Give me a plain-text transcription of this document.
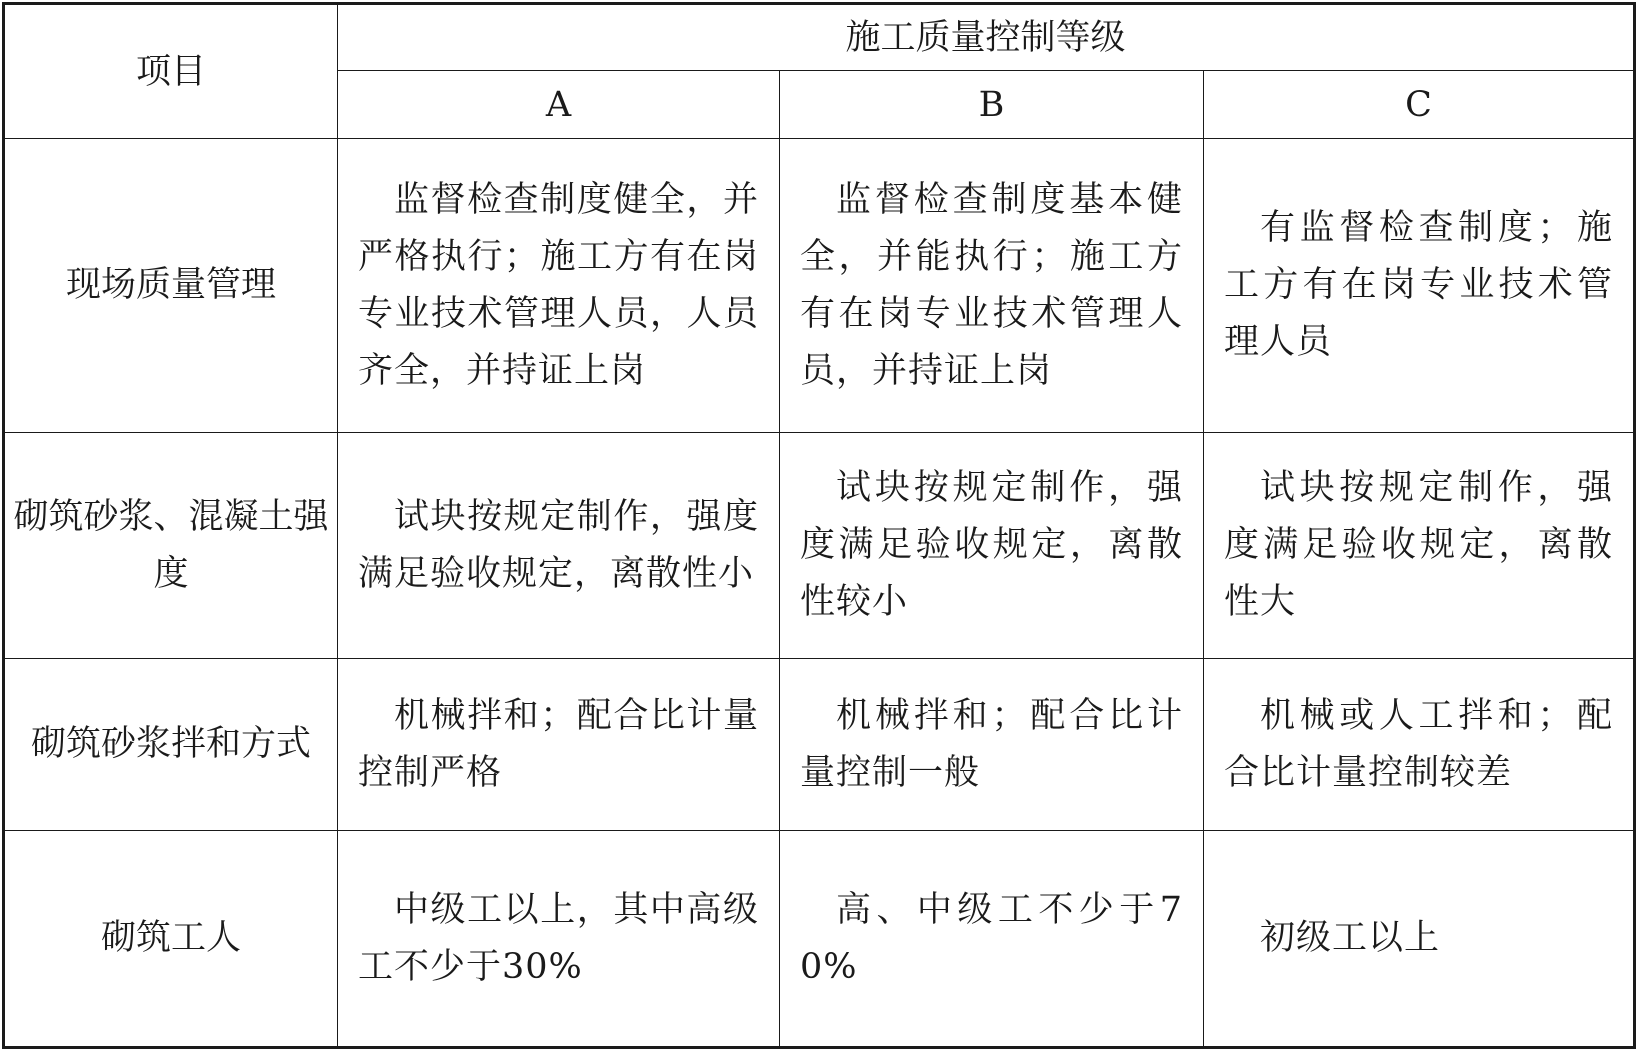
项目	施工质量控制等级		
	A	B	C
现场质量管理	监督检查制度健全，并严格执行；施工方有在岗专业技术管理人员，人员齐全，并持证上岗	监督检查制度基本健全，并能执行；施工方有在岗专业技术管理人员，并持证上岗	有监督检查制度；施工方有在岗专业技术管理人员
砌筑砂浆、混凝土强度	试块按规定制作，强度满足验收规定，离散性小	试块按规定制作，强度满足验收规定，离散性较小	试块按规定制作，强度满足验收规定，离散性大
砌筑砂浆拌和方式	机械拌和；配合比计量控制严格	机械拌和；配合比计量控制一般	机械或人工拌和；配合比计量控制较差
砌筑工人	中级工以上，其中高级工不少于30%	高、中级工不少于70%	初级工以上
